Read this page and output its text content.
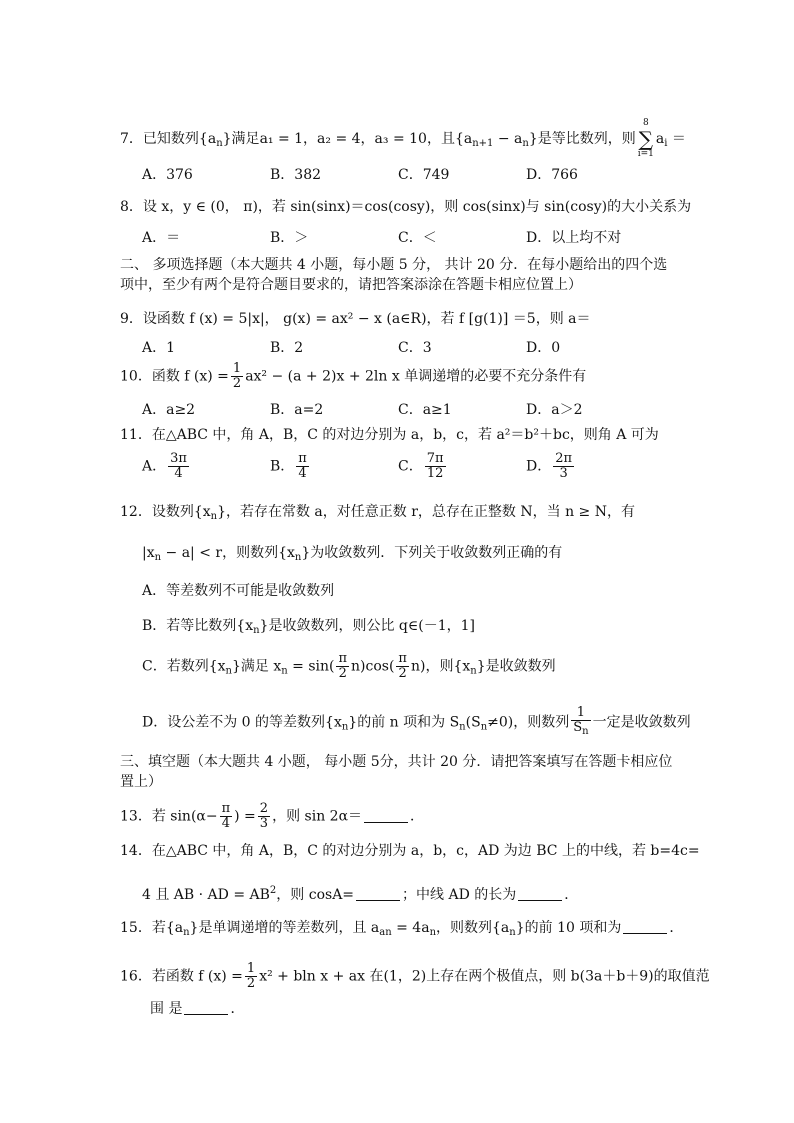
7．已知数列$\{a_n\}$满足a₁ = 1，a₂ = 4，a₃ = 10，且$\{a_{n+1} - a_n\}$是等比数列，则
8
∑
i=1
$a_i$ ＝
A．376	B．382	C．749	D．766
8．设 x，y ∈ (0， π)，若 sin(sinx)＝cos(cosy)，则 cos(sinx)与 sin(cosy)的大小关系为
A．＝	B．＞	C．＜	D．以上均不对
二、 多项选择题（本大题共 4 小题，每小题 5 分， 共计 20 分．在每小题给出的四个选项中，至少有两个是符合题目要求的，请把答案添涂在答题卡相应位置上）
9．设函数 f (x) = 5|x|， g(x) = ax² − x (a∈R)，若 f [g(1)] ＝5，则 a＝
A．1	B．2	C．3	D．0
10．函数 f $(x) = \frac{1}{2} ax^2 - (a + 2)x + 2\ln$ x 单调递增的必要不充分条件有
A．a≥2	B．a=2	C．a≥1	D．a＞2
11．在△ABC 中，角 A，B，C 的对边分别为 a，b，c，若 a²＝b²＋bc，则角 A 可为
A． $\frac{3\pi}{4}$	B． $\frac{\pi}{4}$	C． $\frac{7\pi}{12}$	D． $\frac{2\pi}{3}$
12．设数列$\{x_n\}$，若存在常数 a，对任意正数 r，总存在正整数 N，当 n ≥ N，有
$|x_n - a| < r$，则数列$\{x_n\}$为收敛数列．下列关于收敛数列正确的有
A．等差数列不可能是收敛数列
B．若等比数列$\{x_n\}$是收敛数列，则公比 q∈(－1，1]
C．若数列$\{x_n\}$满足 $x_n = \sin( \frac{\pi}{2} n)\cos( \frac{\pi}{2} n)$，则$\{x_n\}$是收敛数列
D．设公差不为 0 的等差数列$\{x_n\}$的前 n 项和为 $S_n(S_n\ne 0)$，则数列 $\frac{1}{S_n}$ 一定是收敛数列
三、填空题（本大题共 4 小题， 每小题 5分，共计 20 分．请把答案填写在答题卡相应位置上）
13．若 $\sin(\alpha- \frac{\pi}{4}$ ) = $\frac{2}{3}$ ，则 sin 2α＝	．
14．在△ABC 中，角 A，B，C 的对边分别为 a，b，c，AD 为边 BC 上的中线，若 b=4c=
4 且 AB · AD = $AB^2$，则 cosA=	；中线 AD 的长为	．
15．若$\{a_n\}$是单调递增的等差数列，且 $a_{an} = 4a_n$，则数列$\{a_n\}$的前 10 项和为	．
16．若函数 f $(x) = \frac{1}{2} x^2 + bln$ x + ax 在(1，2)上存在两个极值点，则 b(3a＋b＋9)的取值范
围 是	．
